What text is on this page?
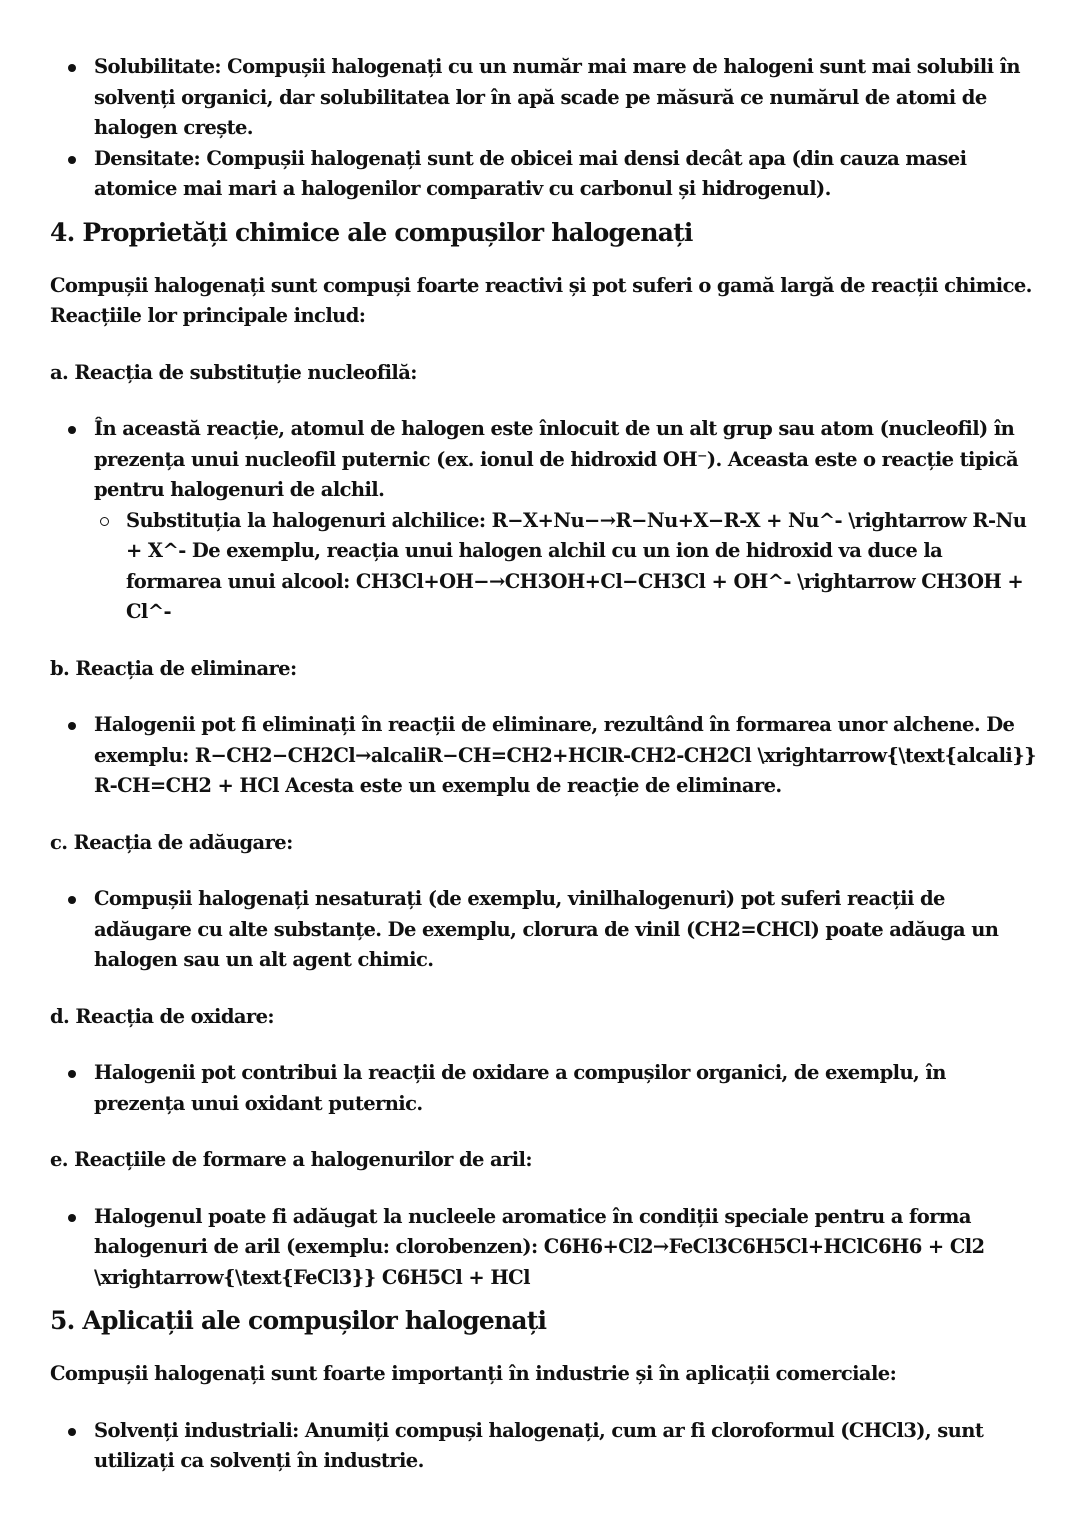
Solubilitate: Compușii halogenați cu un număr mai mare de halogeni sunt mai solubili în solvenți organici, dar solubilitatea lor în apă scade pe măsură ce numărul de atomi de halogen crește.
Densitate: Compușii halogenați sunt de obicei mai densi decât apa (din cauza masei atomice mai mari a halogenilor comparativ cu carbonul și hidrogenul).
4. Proprietăți chimice ale compușilor halogenați

Compușii halogenați sunt compuși foarte reactivi și pot suferi o gamă largă de reacții chimice. Reacțiile lor principale includ:

a. Reacția de substituție nucleofilă:

În această reacție, atomul de halogen este înlocuit de un alt grup sau atom (nucleofil) în prezența unui nucleofil puternic (ex. ionul de hidroxid OH⁻). Aceasta este o reacție tipică pentru halogenuri de alchil.
Substituția la halogenuri alchilice: R−X+Nu−→R−Nu+X−R-X + Nu^- \rightarrow R-Nu + X^- De exemplu, reacția unui halogen alchil cu un ion de hidroxid va duce la formarea unui alcool: CH3Cl+OH−→CH3OH+Cl−CH3Cl + OH^- \rightarrow CH3OH + Cl^-

b. Reacția de eliminare:

Halogenii pot fi eliminați în reacții de eliminare, rezultând în formarea unor alchene. De exemplu: R−CH2−CH2Cl→alcaliR−CH=CH2+HClR-CH2-CH2Cl \xrightarrow{\text{alcali}} R-CH=CH2 + HCl Acesta este un exemplu de reacție de eliminare.

c. Reacția de adăugare:

Compușii halogenați nesaturați (de exemplu, vinilhalogenuri) pot suferi reacții de adăugare cu alte substanțe. De exemplu, clorura de vinil (CH2=CHCl) poate adăuga un halogen sau un alt agent chimic.

d. Reacția de oxidare:

Halogenii pot contribui la reacții de oxidare a compușilor organici, de exemplu, în prezența unui oxidant puternic.

e. Reacțiile de formare a halogenurilor de aril:

Halogenul poate fi adăugat la nucleele aromatice în condiții speciale pentru a forma halogenuri de aril (exemplu: clorobenzen): C6H6+Cl2→FeCl3C6H5Cl+HClC6H6 + Cl2 \xrightarrow{\text{FeCl3}} C6H5Cl + HCl
5. Aplicații ale compușilor halogenați

Compușii halogenați sunt foarte importanți în industrie și în aplicații comerciale:

Solvenți industriali: Anumiți compuși halogenați, cum ar fi cloroformul (CHCl3), sunt utilizați ca solvenți în industrie.
